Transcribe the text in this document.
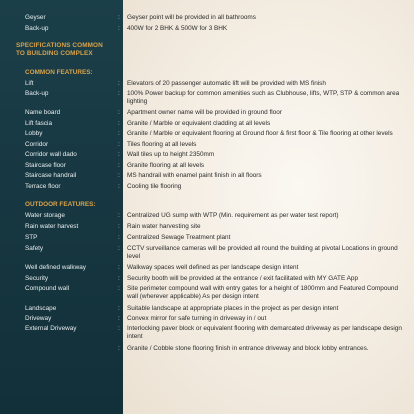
Geyser	: Geyser point will be provided in all bathrooms
Back-up	: 400W for 2 BHK & 500W for 3 BHK
SPECIFICATIONS COMMON
TO BUILDING COMPLEX
COMMON FEATURES:
Lift	: Elevators of 20 passenger automatic lift will be provided with MS finish
Back-up	: 100% Power backup for common amenities such as Clubhouse, lifts, WTP, STP & common area lighting
Name board	: Apartment owner name will be provided in ground floor
Lift fascia	: Granite / Marble or equivalent cladding at all levels
Lobby	: Granite / Marble or equivalent flooring at Ground floor & first floor & Tile flooring at other levels
Corridor	: Tiles flooring at all levels
Corridor wall dado	: Wall tiles up to height 2350mm
Staircase floor	: Granite flooring at all levels
Staircase handrail	: MS handrail with enamel paint finish in all floors
Terrace floor	: Cooling tile flooring
OUTDOOR FEATURES:
Water storage	: Centralized UG sump with WTP (Min. requirement as per water test report)
Rain water harvest	: Rain water harvesting site
STP	: Centralized Sewage Treatment plant
Safety	: CCTV surveillance cameras will be provided all round the building at pivotal Locations in ground level
Well defined walkway	: Walkway spaces well defined as per landscape design intent
Security	: Security booth will be provided at the entrance / exit facilitated with MY GATE App
Compound wall	: Site perimeter compound wall with entry gates for a height of 1800mm and Featured Compound wall (wherever applicable) As per design intent
Landscape	: Suitable landscape at appropriate places in the project as per design intent
Driveway	: Convex mirror for safe turning in driveway in / out
External Driveway	: Interlocking paver block or equivalent flooring with demarcated driveway as per landscape design intent
: Granite / Cobble stone flooring finish in entrance driveway and block lobby entrances.
